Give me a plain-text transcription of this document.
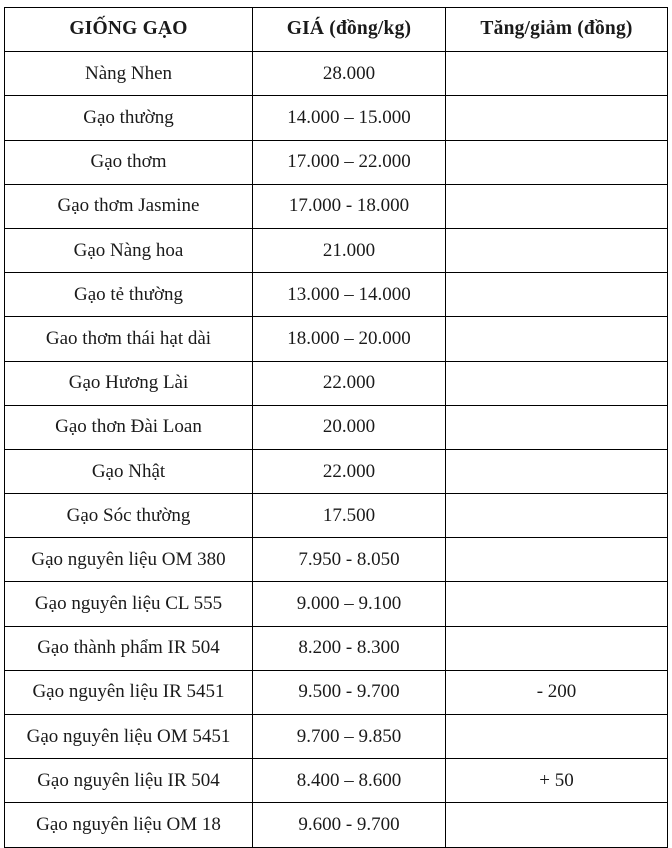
GIỐNG GẠO	GIÁ (đồng/kg)	Tăng/giảm (đồng)
Nàng Nhen	28.000	
Gạo thường	14.000 – 15.000	
Gạo thơm	17.000 – 22.000	
Gạo thơm Jasmine	17.000 - 18.000	
Gạo Nàng hoa	21.000	
Gạo tẻ thường	13.000 – 14.000	
Gao thơm thái hạt dài	18.000 – 20.000	
Gạo Hương Lài	22.000	
Gạo thơn Đài Loan	20.000	
Gạo Nhật	22.000	
Gạo Sóc thường	17.500	
Gạo nguyên liệu OM 380	7.950 - 8.050	
Gạo nguyên liệu CL 555	9.000 – 9.100	
Gạo thành phẩm IR 504	8.200 - 8.300	
Gạo nguyên liệu IR 5451	9.500 - 9.700	- 200
Gạo nguyên liệu OM 5451	9.700 – 9.850	
Gạo nguyên liệu IR 504	8.400 – 8.600	+ 50
Gạo nguyên liệu OM 18	9.600 - 9.700	
